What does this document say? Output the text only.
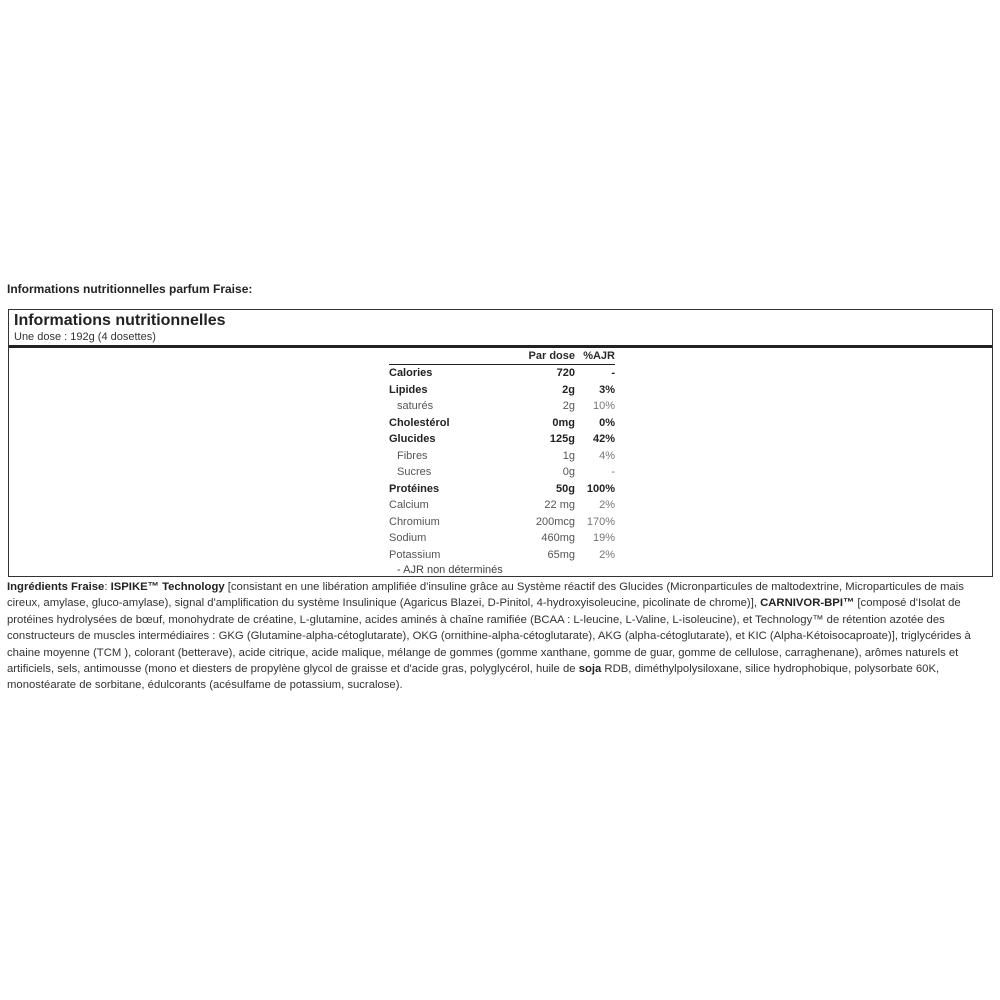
Informations nutritionnelles parfum Fraise:
Informations nutritionnelles
Une dose : 192g (4 dosettes)
Par dose %AJR
Calories	720	-
Lipides	2g 3%
saturés	2g 10%
Cholestérol	0mg 0%
Glucides	125g 42%
Fibres	1g 4%
Sucres	0g	-
Protéines	50g 100%
Calcium	22 mg 2%
Chromium	200mcg 170%
Sodium	460mg 19%
Potassium	65mg 2%
- AJR non déterminés
Ingrédients Fraise: ISPIKE™ Technology [consistant en une libération amplifiée d'insuline grâce au Système réactif des Glucides (Micronparticules de maltodextrine, Microparticules de mais cireux, amylase, gluco-amylase), signal d'amplification du système Insulinique (Agaricus Blazei, D-Pinitol, 4-hydroxyisoleucine, picolinate de chrome)], CARNIVOR-BPI™ [composé d'Isolat de protéines hydrolysées de bœuf, monohydrate de créatine, L-glutamine, acides aminés à chaîne ramifiée (BCAA : L-leucine, L-Valine, L-isoleucine), et Technology™ de rétention azotée des constructeurs de muscles intermédiaires : GKG (Glutamine-alpha-cétoglutarate), OKG (ornithine-alpha-cétoglutarate), AKG (alpha-cétoglutarate), et KIC (Alpha-Kétoisocaproate)], triglycérides à chaine moyenne (TCM ), colorant (betterave), acide citrique, acide malique, mélange de gommes (gomme xanthane, gomme de guar, gomme de cellulose, carraghenane), arômes naturels et artificiels, sels, antimousse (mono et diesters de propylène glycol de graisse et d'acide gras, polyglycérol, huile de soja RDB, diméthylpolysiloxane, silice hydrophobique, polysorbate 60K, monostéarate de sorbitane, édulcorants (acésulfame de potassium, sucralose).
